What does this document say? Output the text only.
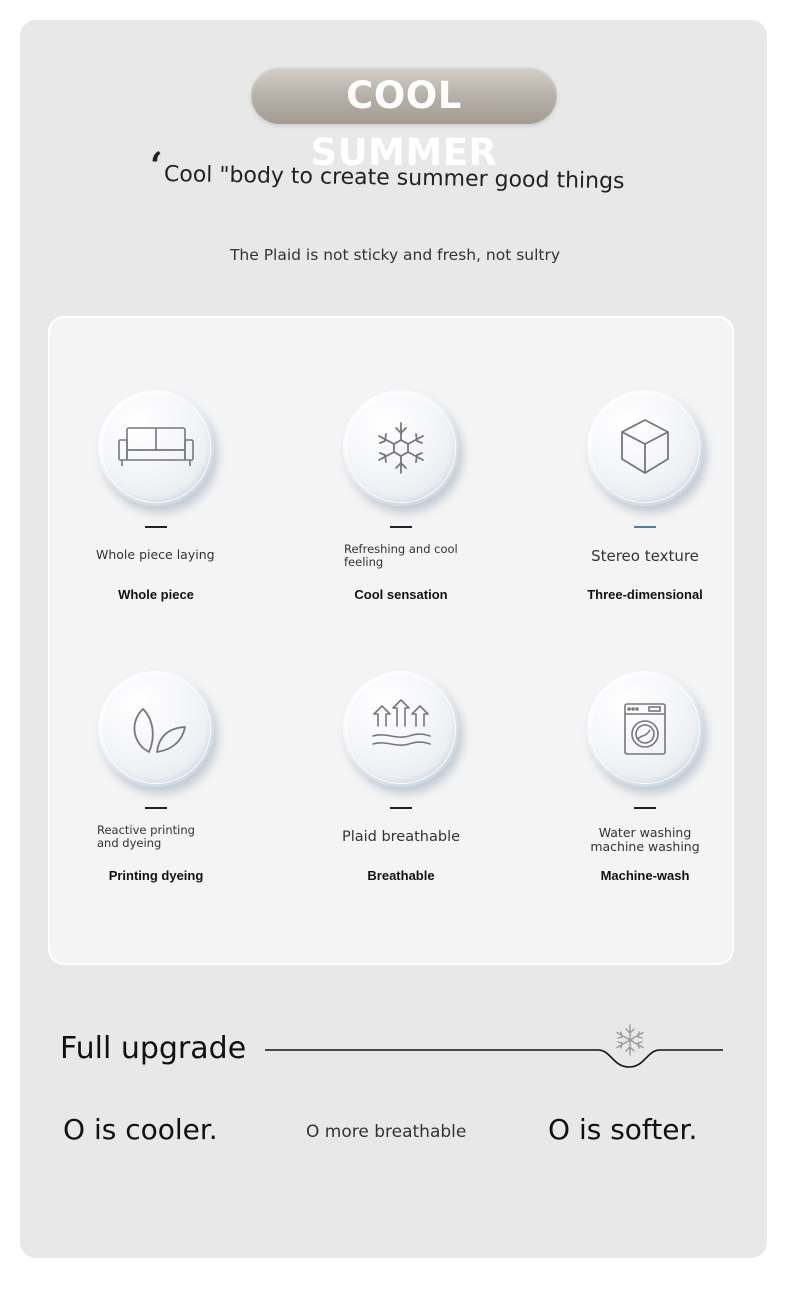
COOL SUMMER
‘ Cool "body to create summer good things
The Plaid is not sticky and fresh, not sultry
Whole piece laying
Whole piece
Refreshing and cool
feeling
Cool sensation
Stereo texture
Three-dimensional
Reactive printing
and dyeing
Printing dyeing
Plaid breathable
Breathable
Water washing
machine washing
Machine-wash
Full upgrade
O is cooler.	O more breathable	O is softer.
